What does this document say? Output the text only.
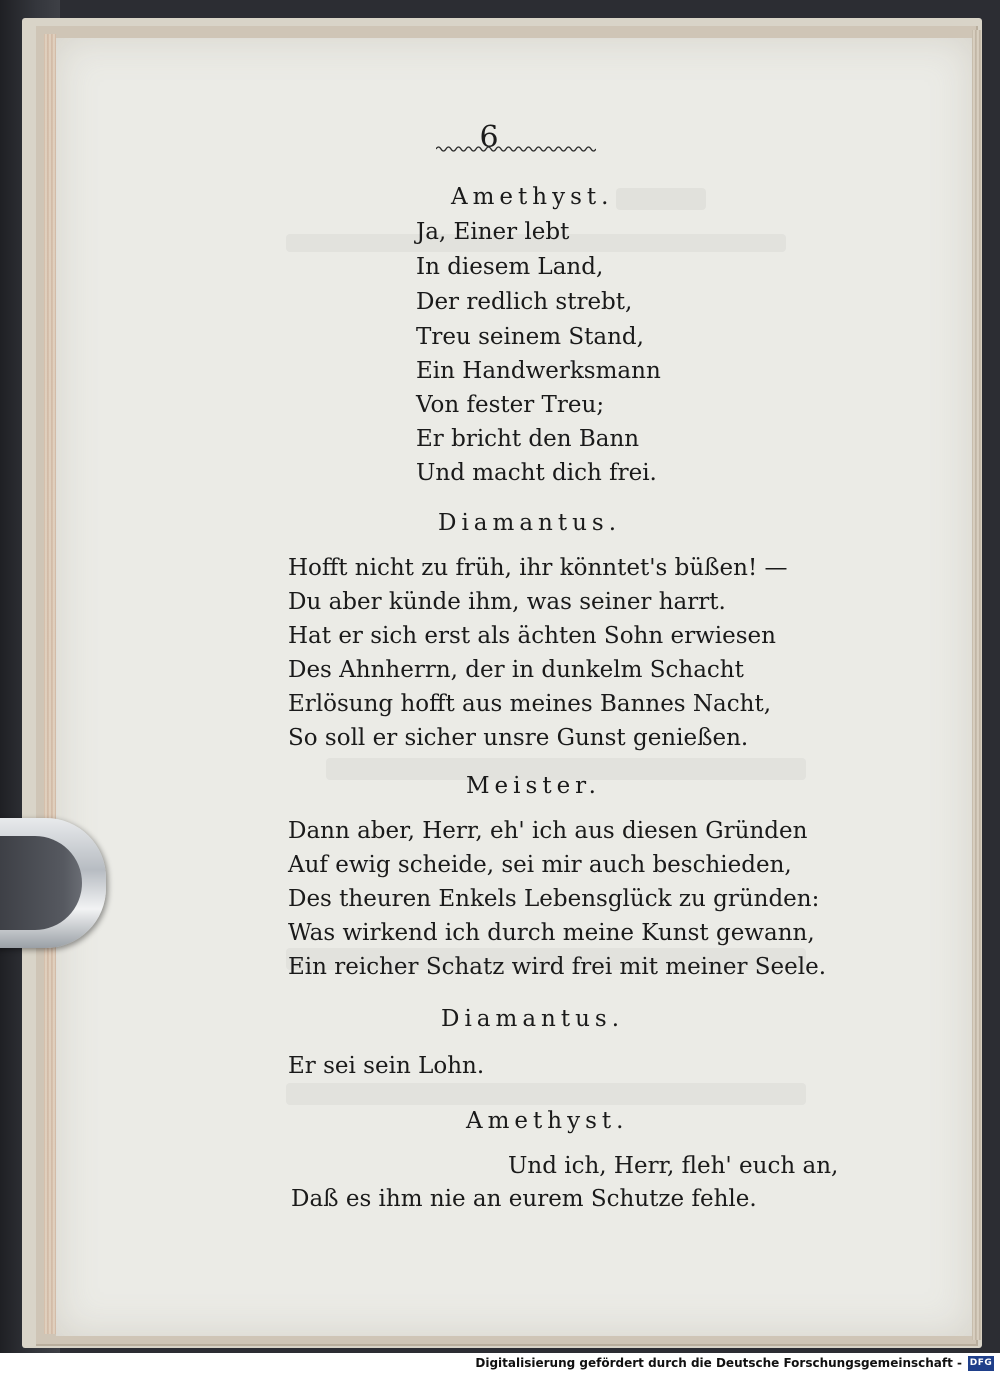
6
Amethyst.
Ja, Einer lebt
In diesem Land,
Der redlich strebt,
Treu seinem Stand,
Ein Handwerksmann
Von fester Treu;
Er bricht den Bann
Und macht dich frei.
Diamantus.
Hofft nicht zu früh, ihr könntet's büßen! —
Du aber künde ihm, was seiner harrt.
Hat er sich erst als ächten Sohn erwiesen
Des Ahnherrn, der in dunkelm Schacht
Erlösung hofft aus meines Bannes Nacht,
So soll er sicher unsre Gunst genießen.
Meister.
Dann aber, Herr, eh' ich aus diesen Gründen
Auf ewig scheide, sei mir auch beschieden,
Des theuren Enkels Lebensglück zu gründen:
Was wirkend ich durch meine Kunst gewann,
Ein reicher Schatz wird frei mit meiner Seele.
Diamantus.
Er sei sein Lohn.
Amethyst.
Und ich, Herr, fleh' euch an,
Daß es ihm nie an eurem Schutze fehle.
Digitalisierung gefördert durch die Deutsche Forschungsgemeinschaft - DFG
